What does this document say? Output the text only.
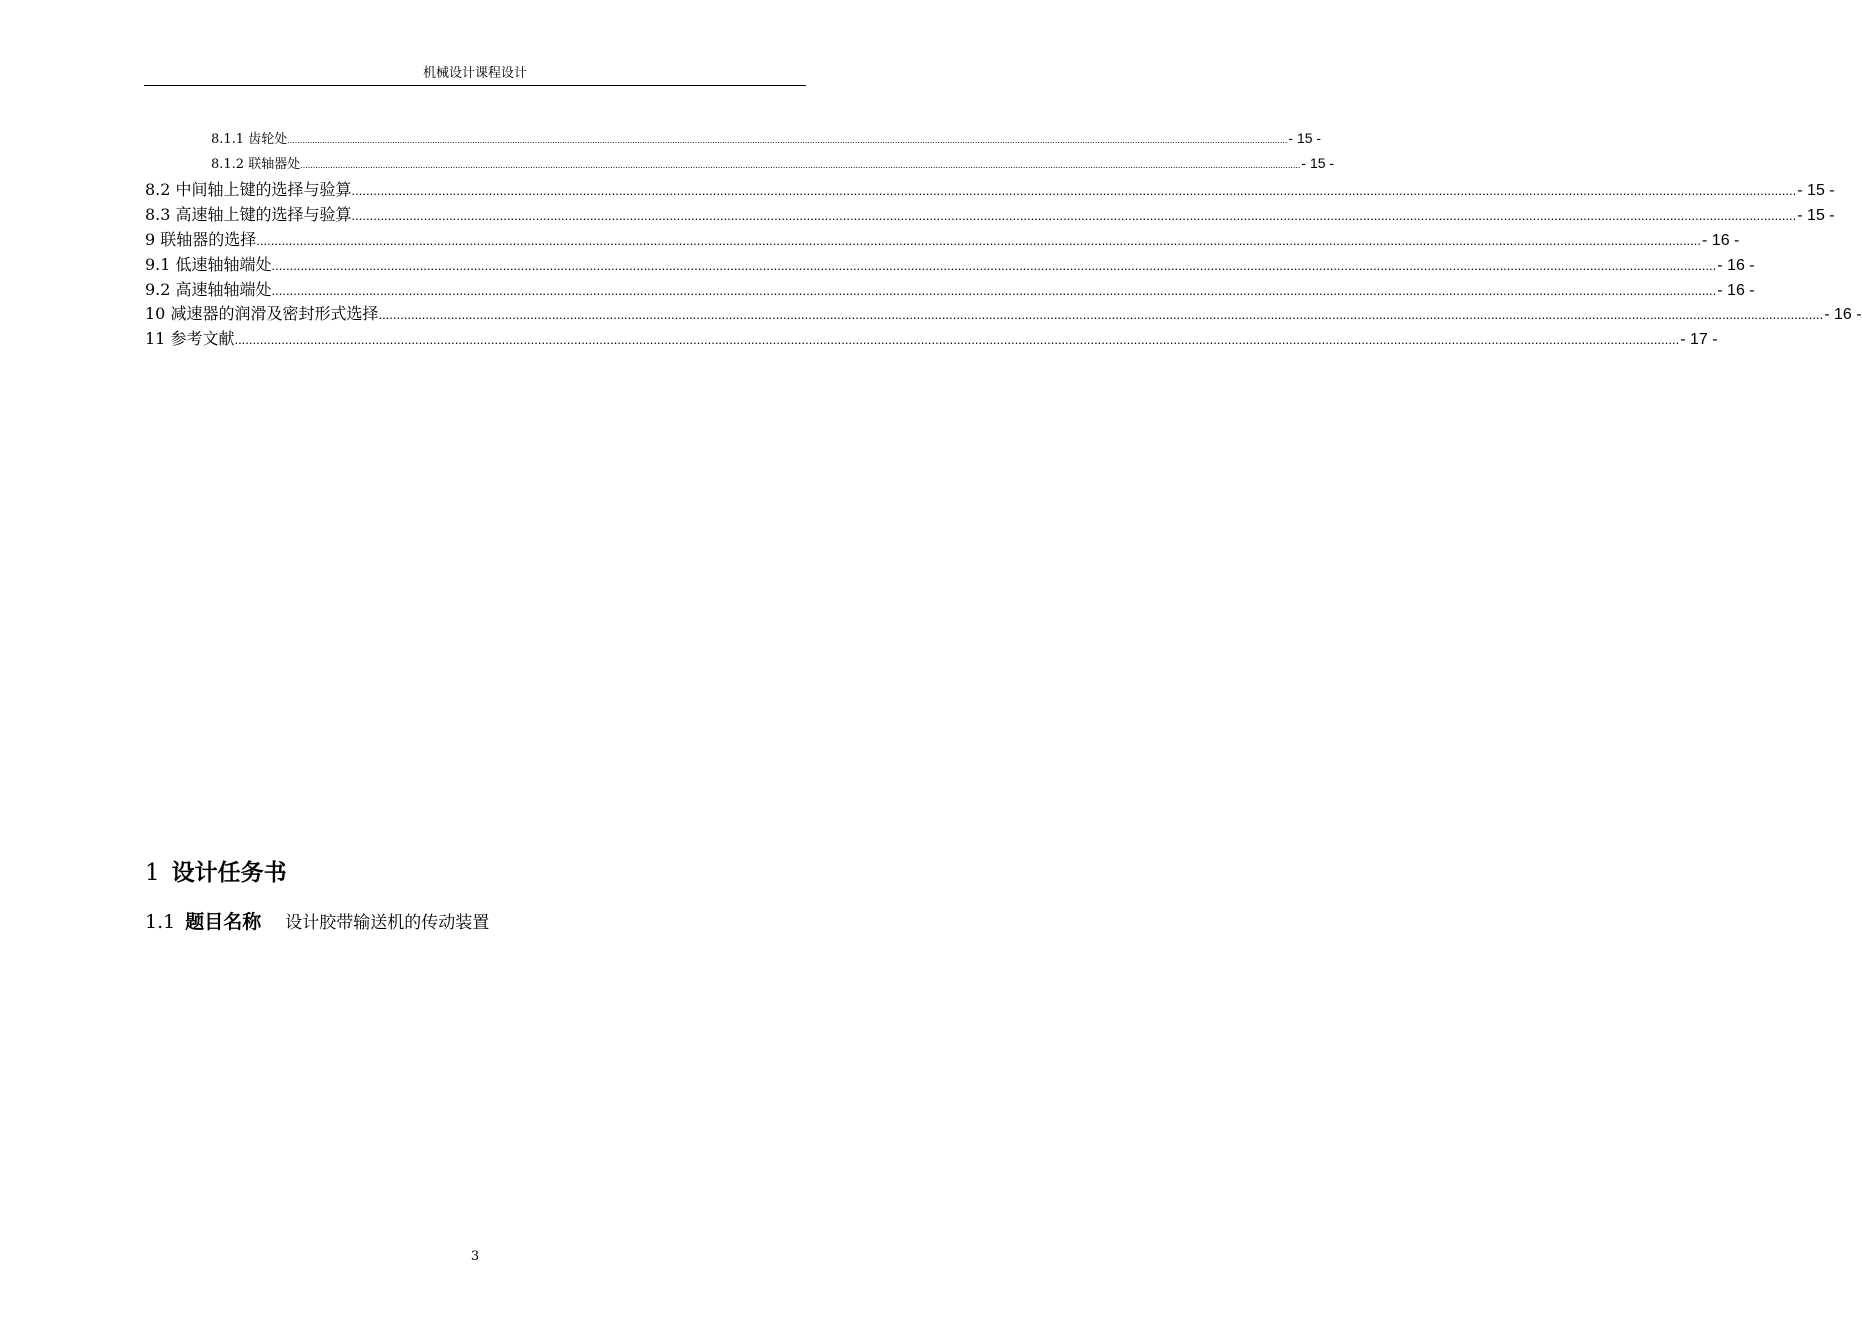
机械设计课程设计
8.1.1 齿轮处 ................................................................................................................................................................................................................................................................................................................................................................................................................ - 15 -
8.1.2 联轴器处 ................................................................................................................................................................................................................................................................................................................................................................................................................ - 15 -
8.2 中间轴上键的选择与验算 ................................................................................................................................................................................................................................................................................................................................................................................................................ - 15 -
8.3 高速轴上键的选择与验算 ................................................................................................................................................................................................................................................................................................................................................................................................................ - 15 -
9 联轴器的选择 ................................................................................................................................................................................................................................................................................................................................................................................................................ - 16 -
9.1 低速轴轴端处 ................................................................................................................................................................................................................................................................................................................................................................................................................ - 16 -
9.2 高速轴轴端处 ................................................................................................................................................................................................................................................................................................................................................................................................................ - 16 -
10 减速器的润滑及密封形式选择 ................................................................................................................................................................................................................................................................................................................................................................................................................ - 16 -
11 参考文献 ................................................................................................................................................................................................................................................................................................................................................................................................................ - 17 -
1 设计任务书
1.1 题目名称 设计胶带输送机的传动装置
3
